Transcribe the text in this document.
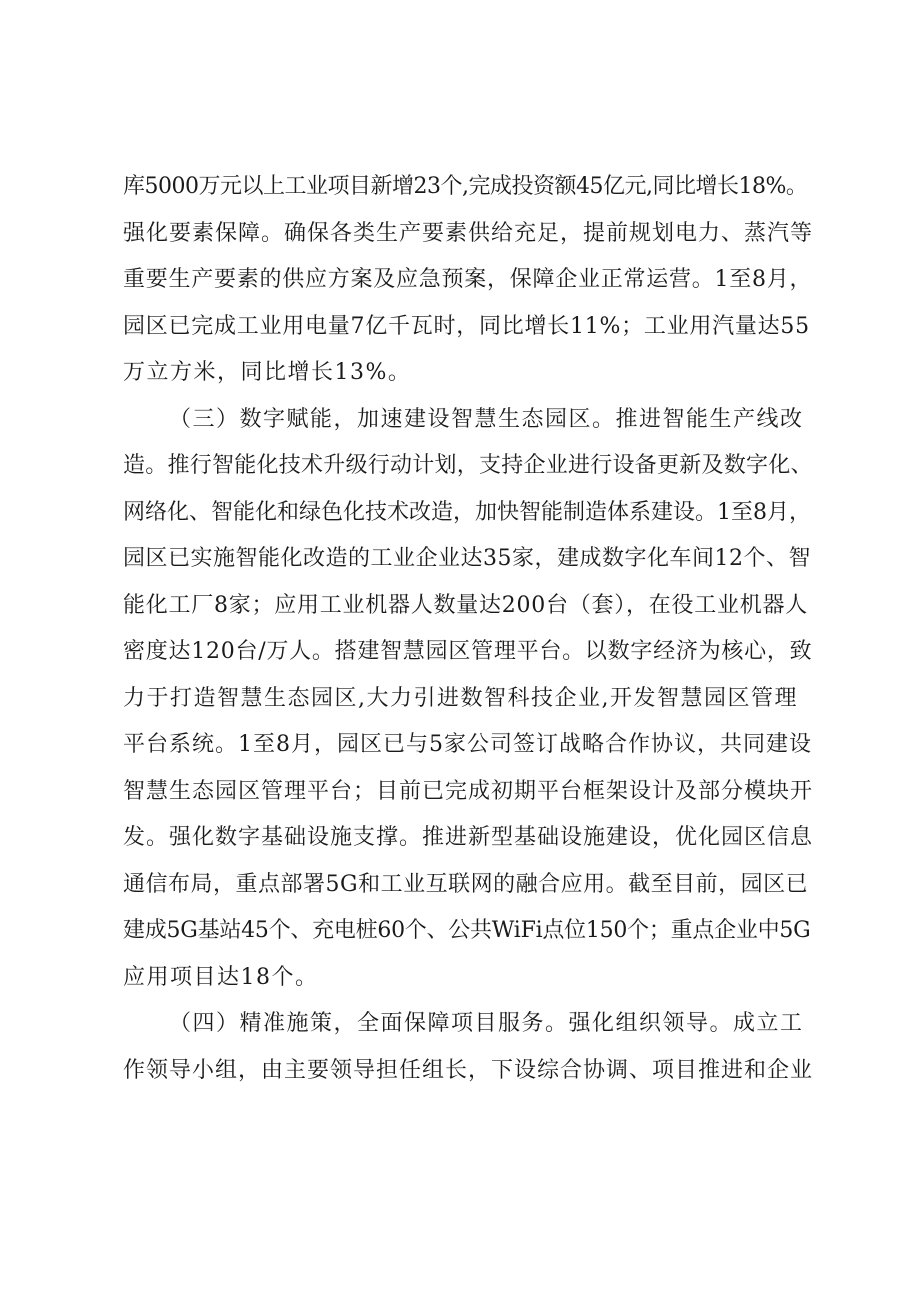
库5000万元以上工业项目新增23个,完成投资额45亿元,同比增长18%。
强化要素保障。确保各类生产要素供给充足，提前规划电力、蒸汽等
重要生产要素的供应方案及应急预案，保障企业正常运营。1至8月，
园区已完成工业用电量7亿千瓦时，同比增长11%；工业用汽量达55
万立方米，同比增长13%。
（三）数字赋能，加速建设智慧生态园区。推进智能生产线改
造。推行智能化技术升级行动计划，支持企业进行设备更新及数字化、
网络化、智能化和绿色化技术改造，加快智能制造体系建设。1至8月，
园区已实施智能化改造的工业企业达35家，建成数字化车间12个、智
能化工厂8家；应用工业机器人数量达200台（套），在役工业机器人
密度达120台/万人。搭建智慧园区管理平台。以数字经济为核心，致
力于打造智慧生态园区,大力引进数智科技企业,开发智慧园区管理
平台系统。1至8月，园区已与5家公司签订战略合作协议，共同建设
智慧生态园区管理平台；目前已完成初期平台框架设计及部分模块开
发。强化数字基础设施支撑。推进新型基础设施建设，优化园区信息
通信布局，重点部署5G和工业互联网的融合应用。截至目前，园区已
建成5G基站45个、充电桩60个、公共WiFi点位150个；重点企业中5G
应用项目达18个。
（四）精准施策，全面保障项目服务。强化组织领导。成立工
作领导小组，由主要领导担任组长，下设综合协调、项目推进和企业
